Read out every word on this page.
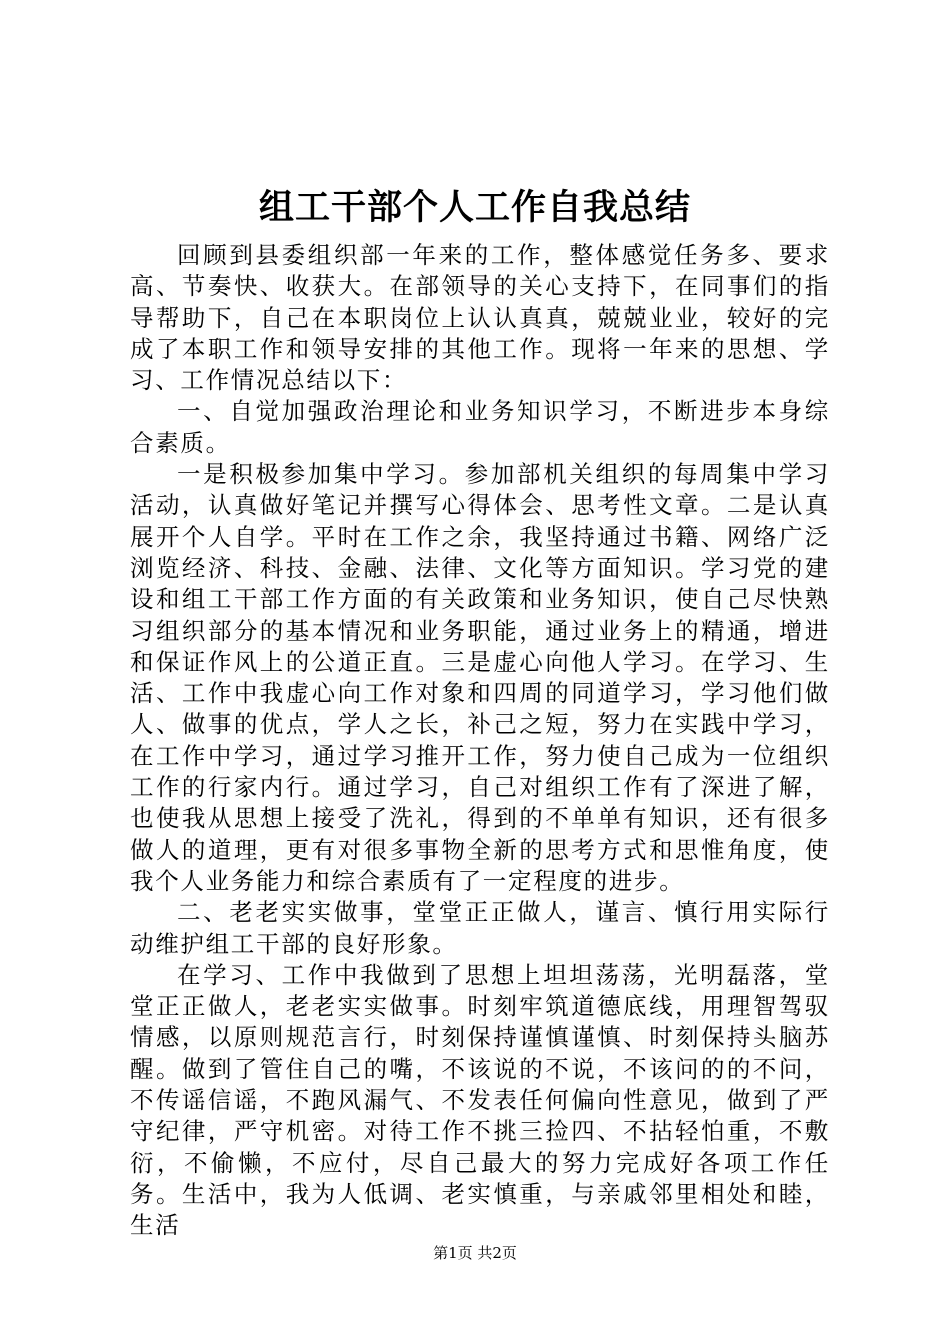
组工干部个人工作自我总结

回顾到县委组织部一年来的工作，整体感觉任务多、要求高、节奏快、收获大。在部领导的关心支持下，在同事们的指导帮助下，自己在本职岗位上认认真真，兢兢业业，较好的完成了本职工作和领导安排的其他工作。现将一年来的思想、学习、工作情况总结以下：

一、自觉加强政治理论和业务知识学习，不断进步本身综合素质。

一是积极参加集中学习。参加部机关组织的每周集中学习活动，认真做好笔记并撰写心得体会、思考性文章。二是认真展开个人自学。平时在工作之余，我坚持通过书籍、网络广泛浏览经济、科技、金融、法律、文化等方面知识。学习党的建设和组工干部工作方面的有关政策和业务知识，使自己尽快熟习组织部分的基本情况和业务职能，通过业务上的精通，增进和保证作风上的公道正直。三是虚心向他人学习。在学习、生活、工作中我虚心向工作对象和四周的同道学习，学习他们做人、做事的优点，学人之长，补己之短，努力在实践中学习，在工作中学习，通过学习推开工作，努力使自己成为一位组织工作的行家内行。通过学习，自己对组织工作有了深进了解，也使我从思想上接受了洗礼，得到的不单单有知识，还有很多做人的道理，更有对很多事物全新的思考方式和思惟角度，使我个人业务能力和综合素质有了一定程度的进步。

二、老老实实做事，堂堂正正做人，谨言、慎行用实际行动维护组工干部的良好形象。

在学习、工作中我做到了思想上坦坦荡荡，光明磊落，堂堂正正做人，老老实实做事。时刻牢筑道德底线，用理智驾驭情感，以原则规范言行，时刻保持谨慎谨慎、时刻保持头脑苏醒。做到了管住自己的嘴，不该说的不说，不该问的的不问，不传谣信谣，不跑风漏气、不发表任何偏向性意见，做到了严守纪律，严守机密。对待工作不挑三捡四、不拈轻怕重，不敷衍，不偷懒，不应付，尽自己最大的努力完成好各项工作任务。生活中，我为人低调、老实慎重，与亲戚邻里相处和睦，生活

第1页 共2页
